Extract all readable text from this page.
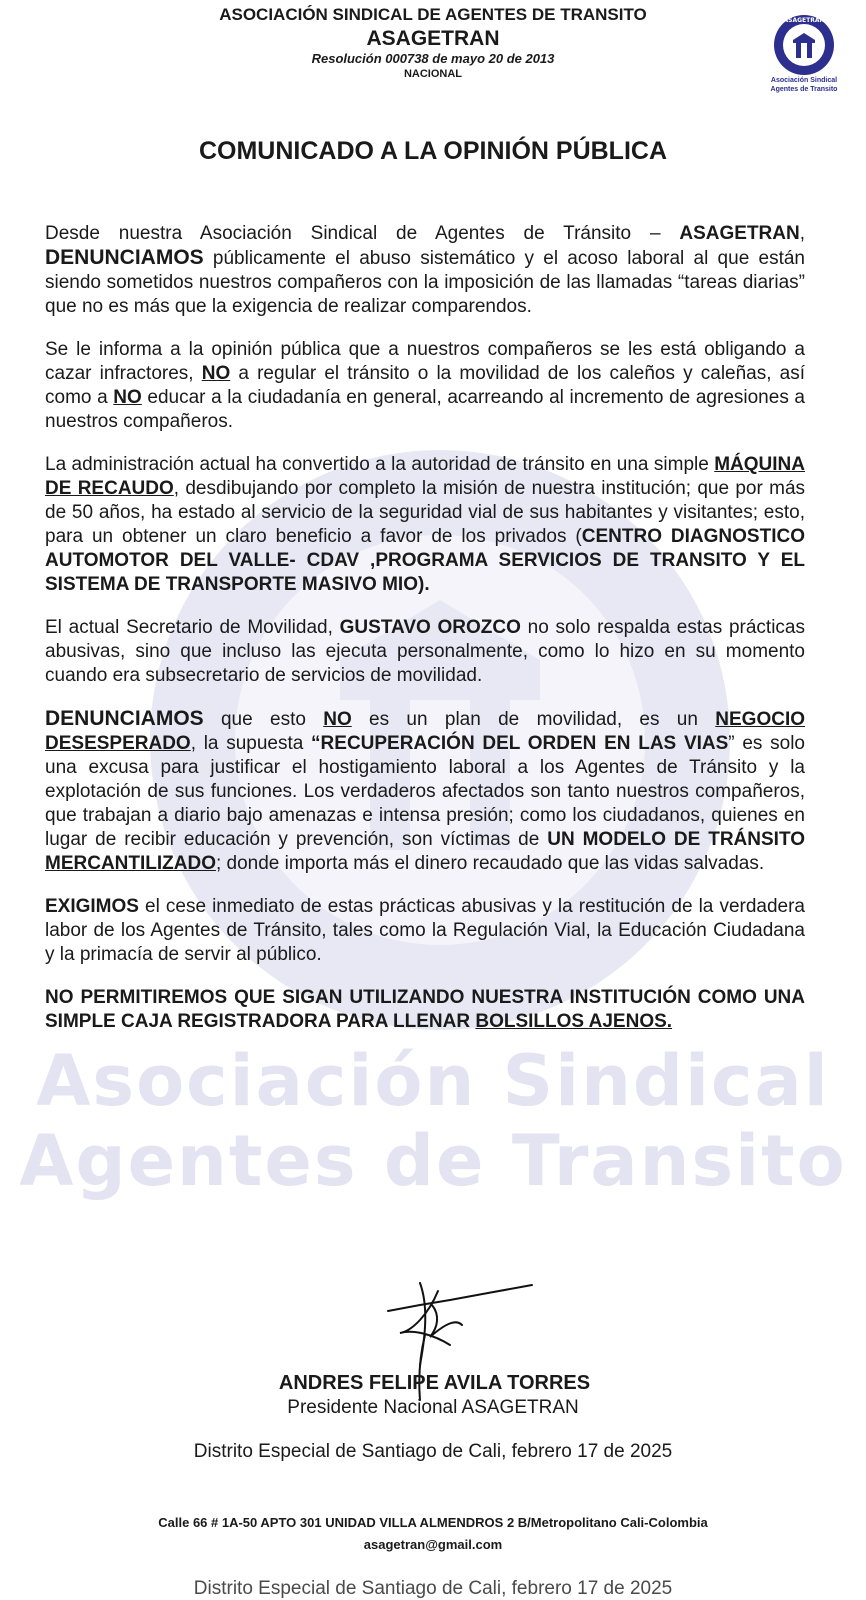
Asociación Sindical
Agentes de Transito
ASOCIACIÓN SINDICAL DE AGENTES DE TRANSITO
ASAGETRAN
Resolución 000738 de mayo 20 de 2013
NACIONAL
ASAGETRAN
Asociación Sindical
Agentes de Transito
COMUNICADO A LA OPINIÓN PÚBLICA

Desde nuestra Asociación Sindical de Agentes de Tránsito – ASAGETRAN, DENUNCIAMOS públicamente el abuso sistemático y el acoso laboral al que están siendo sometidos nuestros compañeros con la imposición de las llamadas “tareas diarias” que no es más que la exigencia de realizar comparendos.

Se le informa a la opinión pública que a nuestros compañeros se les está obligando a cazar infractores, NO a regular el tránsito o la movilidad de los caleños y caleñas, así como a NO educar a la ciudadanía en general, acarreando al incremento de agresiones a nuestros compañeros.

La administración actual ha convertido a la autoridad de tránsito en una simple MÁQUINA DE RECAUDO, desdibujando por completo la misión de nuestra institución; que por más de 50 años, ha estado al servicio de la seguridad vial de sus habitantes y visitantes; esto, para un obtener un claro beneficio a favor de los privados (CENTRO DIAGNOSTICO AUTOMOTOR DEL VALLE- CDAV ,PROGRAMA SERVICIOS DE TRANSITO Y EL SISTEMA DE TRANSPORTE MASIVO MIO).

El actual Secretario de Movilidad, GUSTAVO OROZCO no solo respalda estas prácticas abusivas, sino que incluso las ejecuta personalmente, como lo hizo en su momento cuando era subsecretario de servicios de movilidad.

DENUNCIAMOS que esto NO es un plan de movilidad, es un NEGOCIO DESESPERADO, la supuesta “RECUPERACIÓN DEL ORDEN EN LAS VIAS” es solo una excusa para justificar el hostigamiento laboral a los Agentes de Tránsito y la explotación de sus funciones. Los verdaderos afectados son tanto nuestros compañeros, que trabajan a diario bajo amenazas e intensa presión; como los ciudadanos, quienes en lugar de recibir educación y prevención, son víctimas de UN MODELO DE TRÁNSITO MERCANTILIZADO; donde importa más el dinero recaudado que las vidas salvadas.

EXIGIMOS el cese inmediato de estas prácticas abusivas y la restitución de la verdadera labor de los Agentes de Tránsito, tales como la Regulación Vial, la Educación Ciudadana y la primacía de servir al público.

NO PERMITIREMOS QUE SIGAN UTILIZANDO NUESTRA INSTITUCIÓN COMO UNA SIMPLE CAJA REGISTRADORA PARA LLENAR BOLSILLOS AJENOS.

ANDRES FELIPE AVILA TORRES
Presidente Nacional ASAGETRAN
Distrito Especial de Santiago de Cali, febrero 17 de 2025
Calle 66 # 1A-50 APTO 301 UNIDAD VILLA ALMENDROS 2 B/Metropolitano Cali-Colombia
asagetran@gmail.com
Distrito Especial de Santiago de Cali, febrero 17 de 2025
